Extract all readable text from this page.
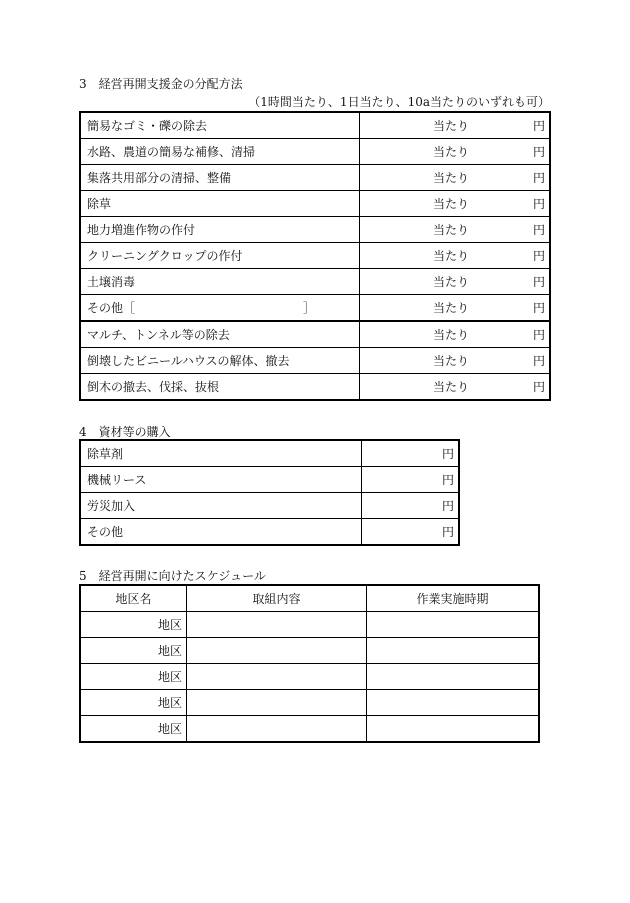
3　経営再開支援金の分配方法
（1時間当たり、1日当たり、10a当たりのいずれも可）
簡易なゴミ・礫の除去	当たり 円
水路、農道の簡易な補修、清掃	当たり 円
集落共用部分の清掃、整備	当たり 円
除草	当たり 円
地力増進作物の作付	当たり 円
クリーニングクロップの作付	当たり 円
土壌消毒	当たり 円
その他［　　　　　　　　　　　　　　］	当たり 円
マルチ、トンネル等の除去	当たり 円
倒壊したビニールハウスの解体、撤去	当たり 円
倒木の撤去、伐採、抜根	当たり 円
4　資材等の購入
除草剤	円
機械リース	円
労災加入	円
その他	円
5　経営再開に向けたスケジュール
地区名	取組内容	作業実施時期
地区		
地区		
地区		
地区		
地区		
